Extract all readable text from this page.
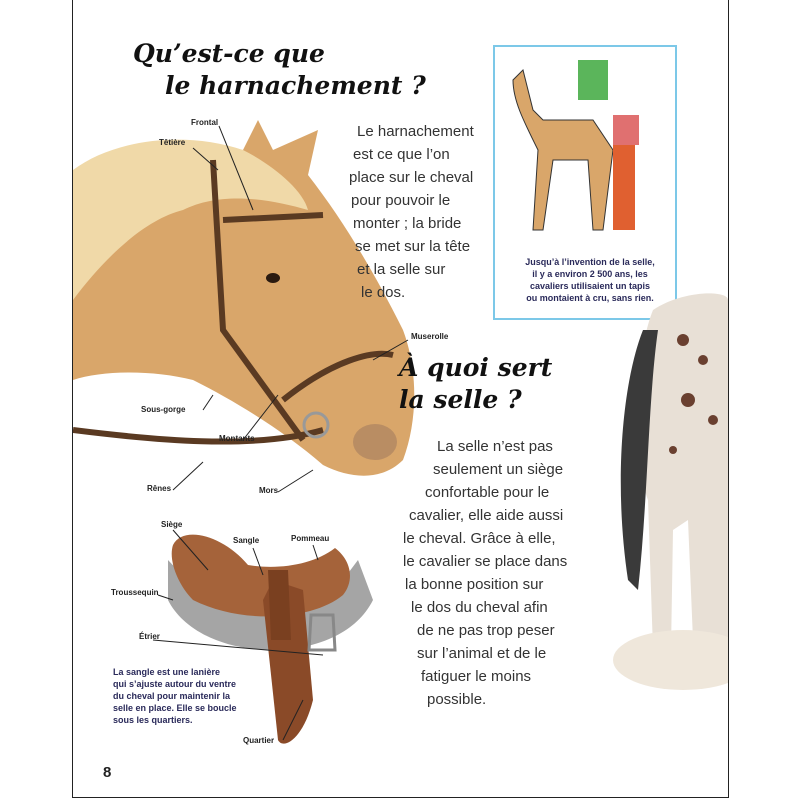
Qu’est-ce que
le harnachement ?
Le harnachement
est ce que l’on
place sur le cheval
pour pouvoir le
monter ; la bride
se met sur la tête
et la selle sur
le dos.
Jusqu’à l’invention de la selle,
il y a environ 2 500 ans, les
cavaliers utilisaient un tapis
ou montaient à cru, sans rien.
Frontal
Têtière
Muserolle
Sous-gorge
Montants
Rênes	Mors
À quoi sert
la selle ?
La selle n’est pas
seulement un siège
confortable pour le
cavalier, elle aide aussi
le cheval. Grâce à elle,
le cavalier se place dans
la bonne position sur
le dos du cheval afin
de ne pas trop peser
sur l’animal et de le
fatiguer le moins
possible.
Siège
Sangle	Pommeau
Troussequin
Étrier
Quartier
La sangle est une lanière
qui s’ajuste autour du ventre
du cheval pour maintenir la
selle en place. Elle se boucle
sous les quartiers.
8
